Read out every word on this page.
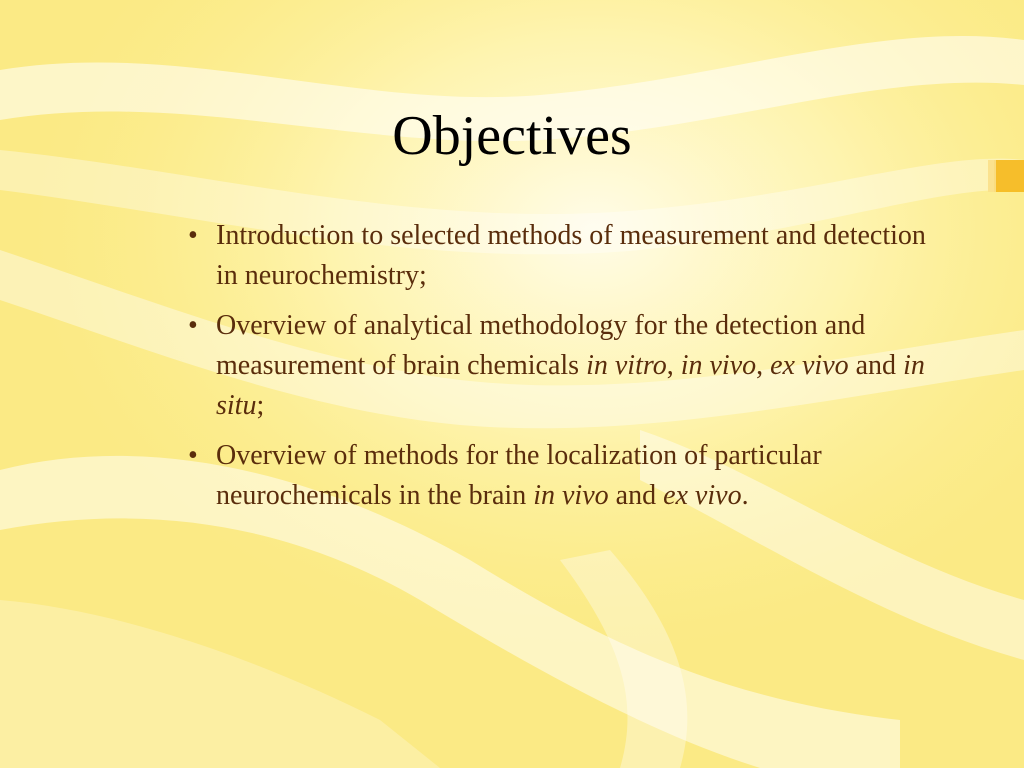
Objectives
• Introduction to selected methods of measurement and detection in neurochemistry;
• Overview of analytical methodology for the detection and measurement of brain chemicals in vitro, in vivo, ex vivo and in situ;
• Overview of methods for the localization of particular neurochemicals in the brain in vivo and ex vivo.
